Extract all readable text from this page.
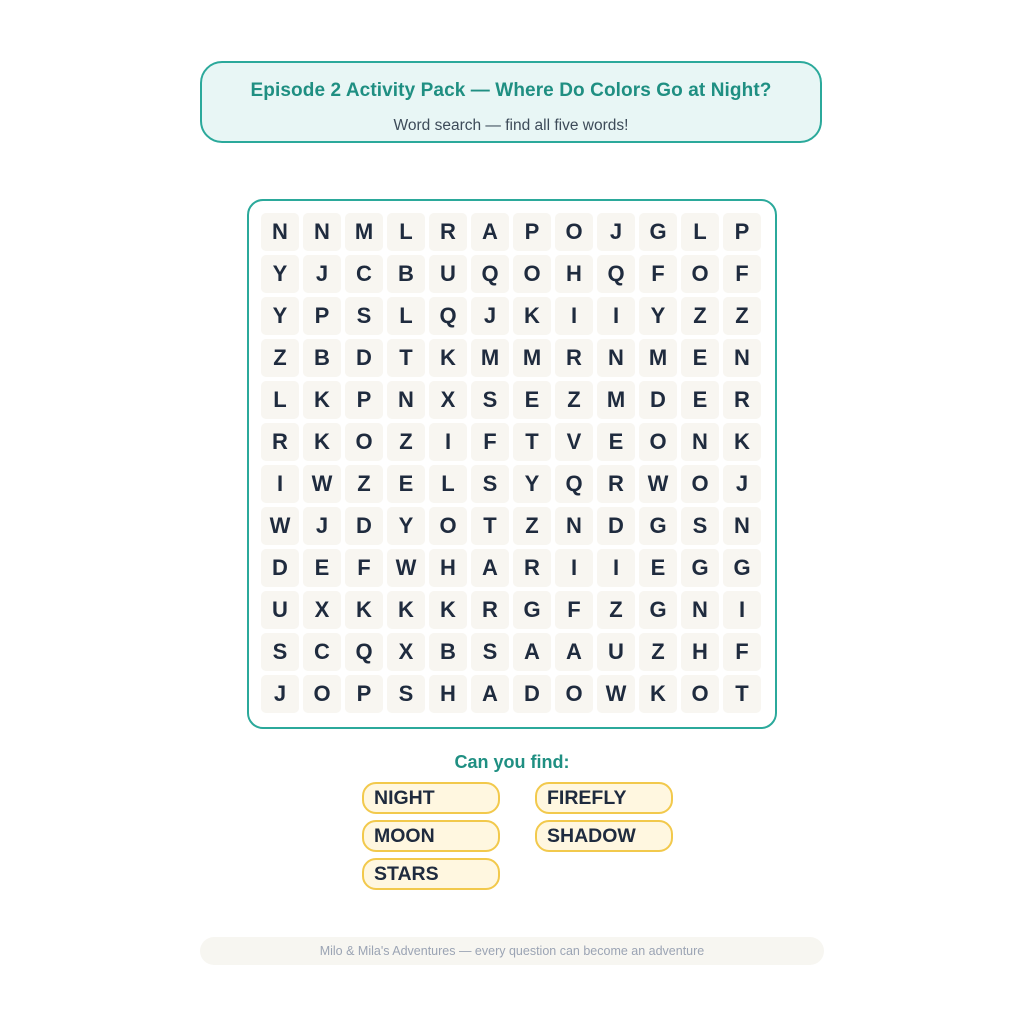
Episode 2 Activity Pack — Where Do Colors Go at Night?
Word search — find all five words!
N	N	M	L	R	A	P	O	J	G	L	P
Y	J	C	B	U	Q	O	H	Q	F	O	F
Y	P	S	L	Q	J	K	I	I	Y	Z	Z
Z	B	D	T	K	M	M	R	N	M	E	N
L	K	P	N	X	S	E	Z	M	D	E	R
R	K	O	Z	I	F	T	V	E	O	N	K
I	W	Z	E	L	S	Y	Q	R	W	O	J
W	J	D	Y	O	T	Z	N	D	G	S	N
D	E	F	W	H	A	R	I	I	E	G	G
U	X	K	K	K	R	G	F	Z	G	N	I
S	C	Q	X	B	S	A	A	U	Z	H	F
J	O	P	S	H	A	D	O	W	K	O	T
Can you find:
NIGHT
MOON
STARS
FIREFLY
SHADOW
Milo & Mila's Adventures — every question can become an adventure
